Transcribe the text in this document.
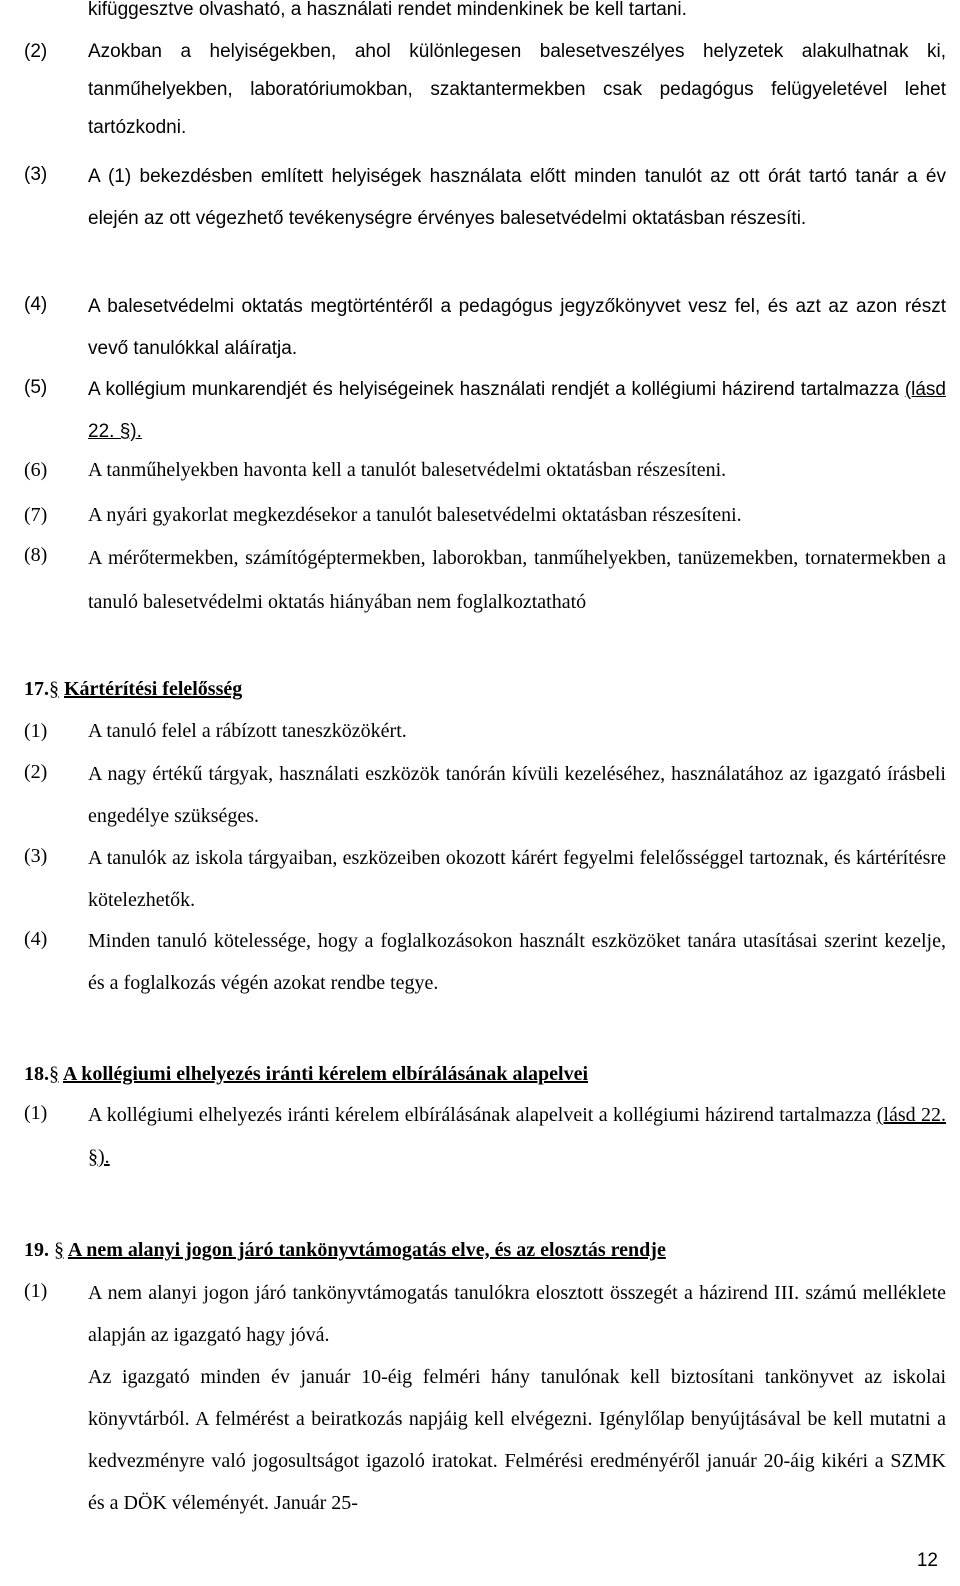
kifüggesztve olvasható, a használati rendet mindenkinek be kell tartani.
(2)	Azokban a helyiségekben, ahol különlegesen balesetveszélyes helyzetek alakulhatnak ki, tanműhelyekben, laboratóriumokban, szaktantermekben csak pedagógus felügyeletével lehet tartózkodni.
(3)	A (1) bekezdésben említett helyiségek használata előtt minden tanulót az ott órát tartó tanár a év elején az ott végezhető tevékenységre érvényes balesetvédelmi oktatásban részesíti.
(4)	A balesetvédelmi oktatás megtörténtéről a pedagógus jegyzőkönyvet vesz fel, és azt az azon részt vevő tanulókkal aláíratja.
(5)	A kollégium munkarendjét és helyiségeinek használati rendjét a kollégiumi házirend tartalmazza (lásd 22. §).
(6)	A tanműhelyekben havonta kell a tanulót balesetvédelmi oktatásban részesíteni.
(7)	A nyári gyakorlat megkezdésekor a tanulót balesetvédelmi oktatásban részesíteni.
(8)	A mérőtermekben, számítógéptermekben, laborokban, tanműhelyekben, tanüzemekben, tornatermekben a tanuló balesetvédelmi oktatás hiányában nem foglalkoztatható
17.§ Kártérítési felelősség
(1)	A tanuló felel a rábízott taneszközökért.
(2)	A nagy értékű tárgyak, használati eszközök tanórán kívüli kezeléséhez, használatához az igazgató írásbeli engedélye szükséges.
(3)	A tanulók az iskola tárgyaiban, eszközeiben okozott kárért fegyelmi felelősséggel tartoznak, és kártérítésre kötelezhetők.
(4)	Minden tanuló kötelessége, hogy a foglalkozásokon használt eszközöket tanára utasításai szerint kezelje, és a foglalkozás végén azokat rendbe tegye.
18.§ A kollégiumi elhelyezés iránti kérelem elbírálásának alapelvei
(1)	A kollégiumi elhelyezés iránti kérelem elbírálásának alapelveit a kollégiumi házirend tartalmazza (lásd 22. §).
19. § A nem alanyi jogon járó tankönyvtámogatás elve, és az elosztás rendje
(1)	A nem alanyi jogon járó tankönyvtámogatás tanulókra elosztott összegét a házirend III. számú melléklete alapján az igazgató hagy jóvá.
Az igazgató minden év január 10-éig felméri hány tanulónak kell biztosítani tankönyvet az iskolai könyvtárból. A felmérést a beiratkozás napjáig kell elvégezni. Igénylőlap benyújtásával be kell mutatni a kedvezményre való jogosultságot igazoló iratokat. Felmérési eredményéről január 20-áig kikéri a SZMK és a DÖK véleményét. Január 25-
12
